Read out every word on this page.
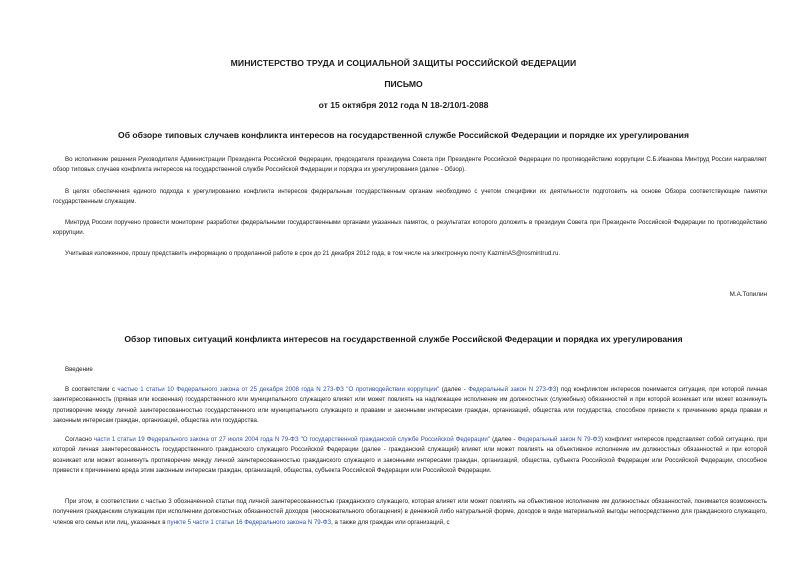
МИНИСТЕРСТВО ТРУДА И СОЦИАЛЬНОЙ ЗАЩИТЫ РОССИЙСКОЙ ФЕДЕРАЦИИ
ПИСЬМО
от 15 октября 2012 года N 18-2/10/1-2088
Об обзоре типовых случаев конфликта интересов на государственной службе Российской Федерации и порядке их урегулирования
Во исполнение решения Руководителя Администрации Президента Российской Федерации, председателя президиума Совета при Президенте Российской Федерации по противодействию коррупции С.Б.Иванова Минтруд России направляет обзор типовых случаев конфликта интересов на государственной службе Российской Федерации и порядка их урегулирования (далее - Обзор).
В целях обеспечения единого подхода к урегулированию конфликта интересов федеральным государственным органам необходимо с учетом специфики их деятельности подготовить на основе Обзора соответствующие памятки государственным служащим.
Минтруд России поручено провести мониторинг разработки федеральными государственными органами указанных памяток, о результатах которого доложить в президиум Совета при Президенте Российской Федерации по противодействию коррупции.
Учитывая изложенное, прошу представить информацию о проделанной работе в срок до 21 декабря 2012 года, в том числе на электронную почту KazminAS@rosmintrud.ru.
М.А.Топилин
Обзор типовых ситуаций конфликта интересов на государственной службе Российской Федерации и порядка их урегулирования
Введение
В соответствии с частью 1 статьи 10 Федерального закона от 25 декабря 2008 года N 273-ФЗ "О противодействии коррупции" (далее - Федеральный закон N 273-ФЗ) под конфликтом интересов понимается ситуация, при которой личная заинтересованность (прямая или косвенная) государственного или муниципального служащего влияет или может повлиять на надлежащее исполнение им должностных (служебных) обязанностей и при которой возникает или может возникнуть противоречие между личной заинтересованностью государственного или муниципального служащего и правами и законными интересами граждан, организаций, общества или государства, способное привести к причинению вреда правам и законным интересам граждан, организаций, общества или государства.
Согласно части 1 статьи 19 Федерального закона от 27 июля 2004 года N 79-ФЗ "О государственной гражданской службе Российской Федерации" (далее - Федеральный закон N 79-ФЗ) конфликт интересов представляет собой ситуацию, при которой личная заинтересованность государственного гражданского служащего Российской Федерации (далее - гражданский служащий) влияет или может повлиять на объективное исполнение им должностных обязанностей и при которой возникает или может возникнуть противоречие между личной заинтересованностью гражданского служащего и законными интересами граждан, организаций, общества, субъекта Российской Федерации или Российской Федерации, способное привести к причинению вреда этим законным интересам граждан, организаций, общества, субъекта Российской Федерации или Российской Федерации.
При этом, в соответствии с частью 3 обозначенной статьи под личной заинтересованностью гражданского служащего, которая влияет или может повлиять на объективное исполнение им должностных обязанностей, понимается возможность получения гражданским служащим при исполнении должностных обязанностей доходов (неосновательного обогащения) в денежной либо натуральной форме, доходов в виде материальной выгоды непосредственно для гражданского служащего, членов его семьи или лиц, указанных в пункте 5 части 1 статьи 16 Федерального закона N 79-ФЗ, а также для граждан или организаций, с
